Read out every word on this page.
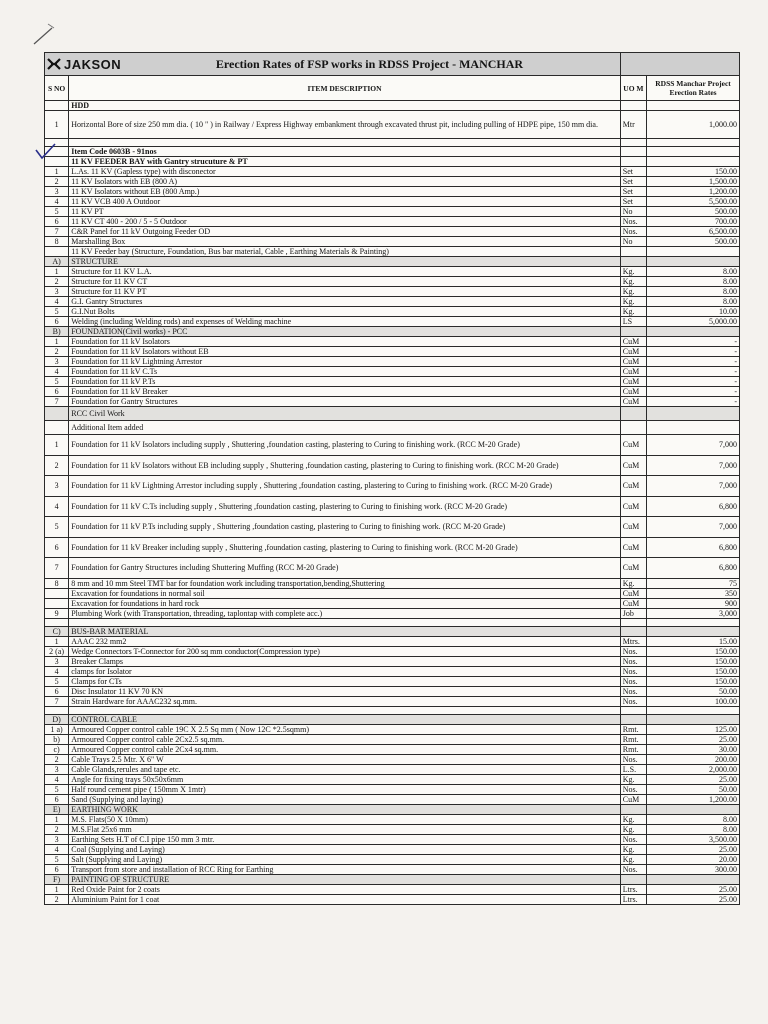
JAKSON Erection Rates of FSP works in RDSS Project - MANCHAR			

S NO	ITEM DESCRIPTION	UO M	RDSS Manchar Project Erection Rates
	HDD		
1	Horizontal Bore of size 250 mm dia. ( 10 " ) in Railway / Express Highway embankment through excavated thrust pit, including pulling of HDPE pipe, 150 mm dia.	Mtr	1,000.00

	Item Code 0603B - 91nos		
	11 KV FEEDER BAY with Gantry strucuture & PT		
1	L.As. 11 KV (Gapless type) with disconector	Set	150.00
2	11 KV Isolators with EB (800 A)	Set	1,500.00
3	11 KV Isolators without EB (800 Amp.)	Set	1,200.00
4	11 KV VCB 400 A Outdoor	Set	5,500.00
5	11 KV PT	No	500.00
6	11 KV CT 400 - 200 / 5 - 5 Outdoor	Nos.	700.00
7	C&R Panel for 11 kV Outgoing Feeder OD	Nos.	6,500.00
8	Marshalling Box	No	500.00
	11 KV Feeder bay (Structure, Foundation, Bus bar material, Cable , Earthing Materials & Painting)		
A)	STRUCTURE		
1	Structure for 11 KV L.A.	Kg.	8.00
2	Structure for 11 KV CT	Kg.	8.00
3	Structure for 11 KV PT	Kg.	8.00
4	G.I. Gantry Structures	Kg.	8.00
5	G.I.Nut Bolts	Kg.	10.00
6	Welding (including Welding rods) and expenses of Welding machine	LS	5,000.00
B)	FOUNDATION(Civil works) - PCC		
1	Foundation for 11 kV Isolators	CuM	-
2	Foundation for 11 kV Isolators without EB	CuM	-
3	Foundation for 11 kV Lightning Arrestor	CuM	-
4	Foundation for 11 kV C.Ts	CuM	-
5	Foundation for 11 kV P.Ts	CuM	-
6	Foundation for 11 kV Breaker	CuM	-
7	Foundation for Gantry Structures	CuM	-
	RCC Civil Work		
	Additional Item added		
1	Foundation for 11 kV Isolators including supply , Shuttering ,foundation casting, plastering to Curing to finishing work. (RCC M-20 Grade)	CuM	7,000
2	Foundation for 11 kV Isolators without EB including supply , Shuttering ,foundation casting, plastering to Curing to finishing work. (RCC M-20 Grade)	CuM	7,000
3	Foundation for 11 kV Lightning Arrestor including supply , Shuttering ,foundation casting, plastering to Curing to finishing work. (RCC M-20 Grade)	CuM	7,000
4	Foundation for 11 kV C.Ts including supply , Shuttering ,foundation casting, plastering to Curing to finishing work. (RCC M-20 Grade)	CuM	6,800
5	Foundation for 11 kV P.Ts including supply , Shuttering ,foundation casting, plastering to Curing to finishing work. (RCC M-20 Grade)	CuM	7,000
6	Foundation for 11 kV Breaker including supply , Shuttering ,foundation casting, plastering to Curing to finishing work. (RCC M-20 Grade)	CuM	6,800
7	Foundation for Gantry Structures including Shuttering Muffing (RCC M-20 Grade)	CuM	6,800
8	8 mm and 10 mm Steel TMT bar for foundation work including transportation,bending,Shuttering	Kg.	75
	Excavation for foundations in normal soil	CuM	350
	Excavation for foundations in hard rock	CuM	900
9	Plumbing Work (with Transportation, threading, taplontap with complete acc.)	Job	3,000

C)	BUS-BAR MATERIAL		
1	AAAC 232 mm2	Mtrs.	15.00
2 (a)	Wedge Connectors T-Connector for 200 sq mm conductor(Compression type)	Nos.	150.00
3	Breaker Clamps	Nos.	150.00
4	clamps for Isolator	Nos.	150.00
5	Clamps for CTs	Nos.	150.00
6	Disc Insulator 11 KV 70 KN	Nos.	50.00
7	Strain Hardware for AAAC232 sq.mm.	Nos.	100.00

D)	CONTROL CABLE		
1 a)	Armoured Copper control cable 19C X 2.5 Sq mm ( Now 12C *2.5sqmm)	Rmt.	125.00
b)	Armoured Copper control cable 2Cx2.5 sq.mm.	Rmt.	25.00
c)	Armoured Copper control cable 2Cx4 sq.mm.	Rmt.	30.00
2	Cable Trays 2.5 Mtr. X 6" W	Nos.	200.00
3	Cable Glands,rerules and tape etc.	L.S.	2,000.00
4	Angle for fixing trays 50x50x6mm	Kg.	25.00
5	Half round cement pipe ( 150mm X 1mtr)	Nos.	50.00
6	Sand (Supplying and laying)	CuM	1,200.00
E)	EARTHING WORK		
1	M.S. Flats(50 X 10mm)	Kg.	8.00
2	M.S.Flat 25x6 mm	Kg.	8.00
3	Earthing Sets H.T of C.I pipe 150 mm 3 mtr.	Nos.	3,500.00
4	Coal (Supplying and Laying)	Kg.	25.00
5	Salt (Supplying and Laying)	Kg.	20.00
6	Transport from store and installation of RCC Ring for Earthing	Nos.	300.00
F)	PAINTING OF STRUCTURE		
1	Red Oxide Paint for 2 coats	Ltrs.	25.00
2	Aluminium Paint for 1 coat	Ltrs.	25.00
